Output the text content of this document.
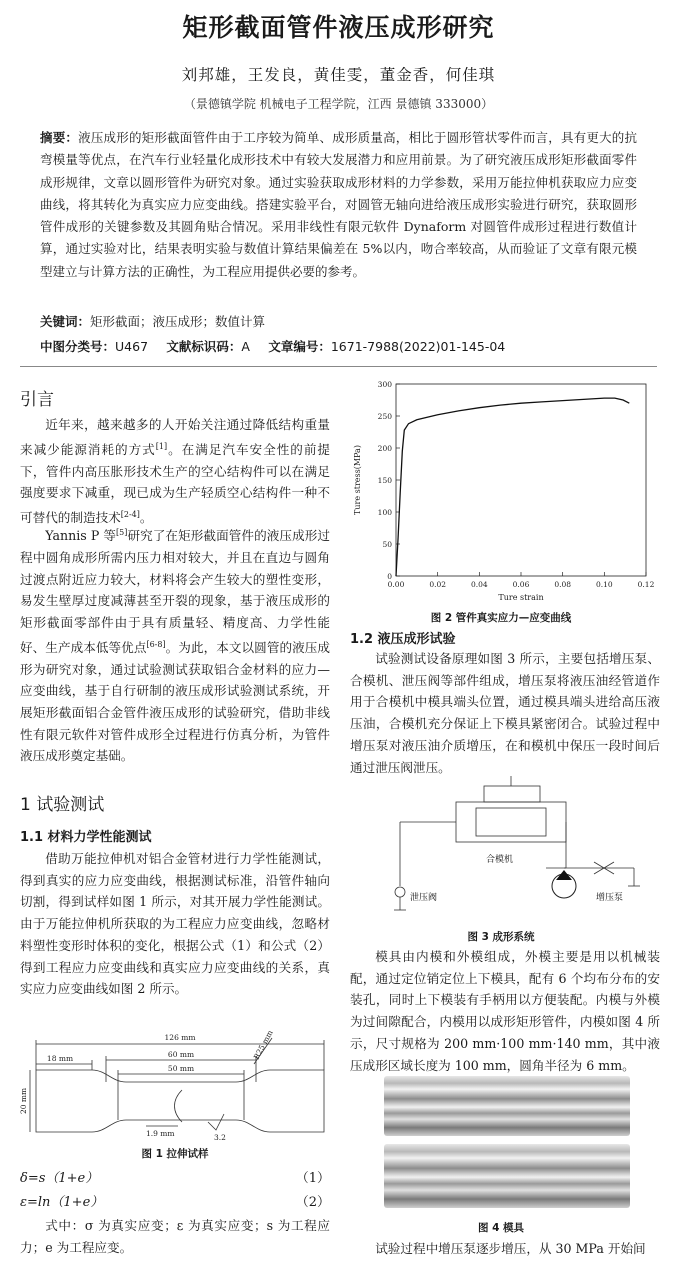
矩形截面管件液压成形研究
刘邦雄，王发良，黄佳雯，董金香，何佳琪
（景德镇学院 机械电子工程学院，江西 景德镇 333000）
摘要：液压成形的矩形截面管件由于工序较为简单、成形质量高，相比于圆形管状零件而言，具有更大的抗弯模量等优点，在汽车行业轻量化成形技术中有较大发展潜力和应用前景。为了研究液压成形矩形截面零件成形规律，文章以圆形管件为研究对象。通过实验获取成形材料的力学参数，采用万能拉伸机获取应力应变曲线，将其转化为真实应力应变曲线。搭建实验平台，对圆管无轴向进给液压成形实验进行研究，获取圆形管件成形的关键参数及其圆角贴合情况。采用非线性有限元软件 Dynaform 对圆管件成形过程进行数值计算，通过实验对比，结果表明实验与数值计算结果偏差在 5%以内，吻合率较高，从而验证了文章有限元模型建立与计算方法的正确性，为工程应用提供必要的参考。
关键词：矩形截面；液压成形；数值计算
中图分类号：U467 文献标识码：A 文章编号：1671-7988(2022)01-145-04
引言
近年来，越来越多的人开始关注通过降低结构重量来减少能源消耗的方式[1]。在满足汽车安全性的前提下，管件内高压胀形技术生产的空心结构件可以在满足强度要求下减重，现已成为生产轻质空心结构件一种不可替代的制造技术[2-4]。
Yannis P 等[5]研究了在矩形截面管件的液压成形过程中圆角成形所需内压力相对较大，并且在直边与圆角过渡点附近应力较大，材料将会产生较大的塑性变形，易发生壁厚过度减薄甚至开裂的现象，基于液压成形的矩形截面零部件由于具有质量轻、精度高、力学性能好、生产成本低等优点[6-8]。为此，本文以圆管的液压成形为研究对象，通过试验测试获取铝合金材料的应力—应变曲线，基于自行研制的液压成形试验测试系统，开展矩形截面铝合金管件液压成形的试验研究，借助非线性有限元软件对管件成形全过程进行仿真分析，为管件液压成形奠定基础。
1 试验测试
1.1 材料力学性能测试
借助万能拉伸机对铝合金管材进行力学性能测试，得到真实的应力应变曲线，根据测试标准，沿管件轴向切割，得到试样如图 1 所示，对其开展力学性能测试。由于万能拉伸机所获取的为工程应力应变曲线，忽略材料塑性变形时体积的变化，根据公式（1）和公式（2）得到工程应力应变曲线和真实应力应变曲线的关系，真实应力应变曲线如图 2 所示。
126 mm
60 mm
50 mm
18 mm	R25 mm
20 mm
1.9 mm	3.2
图 1 拉伸试样
δ=s（1+e）	（1）
ε=ln（1+e）	（2）
式中：σ 为真实应变；ε 为真实应变；s 为工程应力；e 为工程应变。
0.00	0.02	0.04	0.06	0.08	0.10	0.12
0
50
100
150
200
250
300
Ture strain
Ture stress(MPa)
图 2 管件真实应力—应变曲线
1.2 液压成形试验
试验测试设备原理如图 3 所示，主要包括增压泵、合模机、泄压阀等部件组成，增压泵将液压油经管道作用于合模机中模具端头位置，通过模具端头进给高压液压油，合模机充分保证上下模具紧密闭合。试验过程中增压泵对液压油介质增压，在和模机中保压一段时间后通过泄压阀泄压。
合模机
泄压阀	增压泵
图 3 成形系统
模具由内模和外模组成，外模主要是用以机械装配，通过定位销定位上下模具，配有 6 个均布分布的安装孔，同时上下模装有手柄用以方便装配。内模与外模为过间隙配合，内模用以成形矩形管件，内模如图 4 所示，尺寸规格为 200 mm·100 mm·140 mm，其中液压成形区域长度为 100 mm，圆角半径为 6 mm。
图 4 模具
试验过程中增压泵逐步增压，从 30 MPa 开始间
